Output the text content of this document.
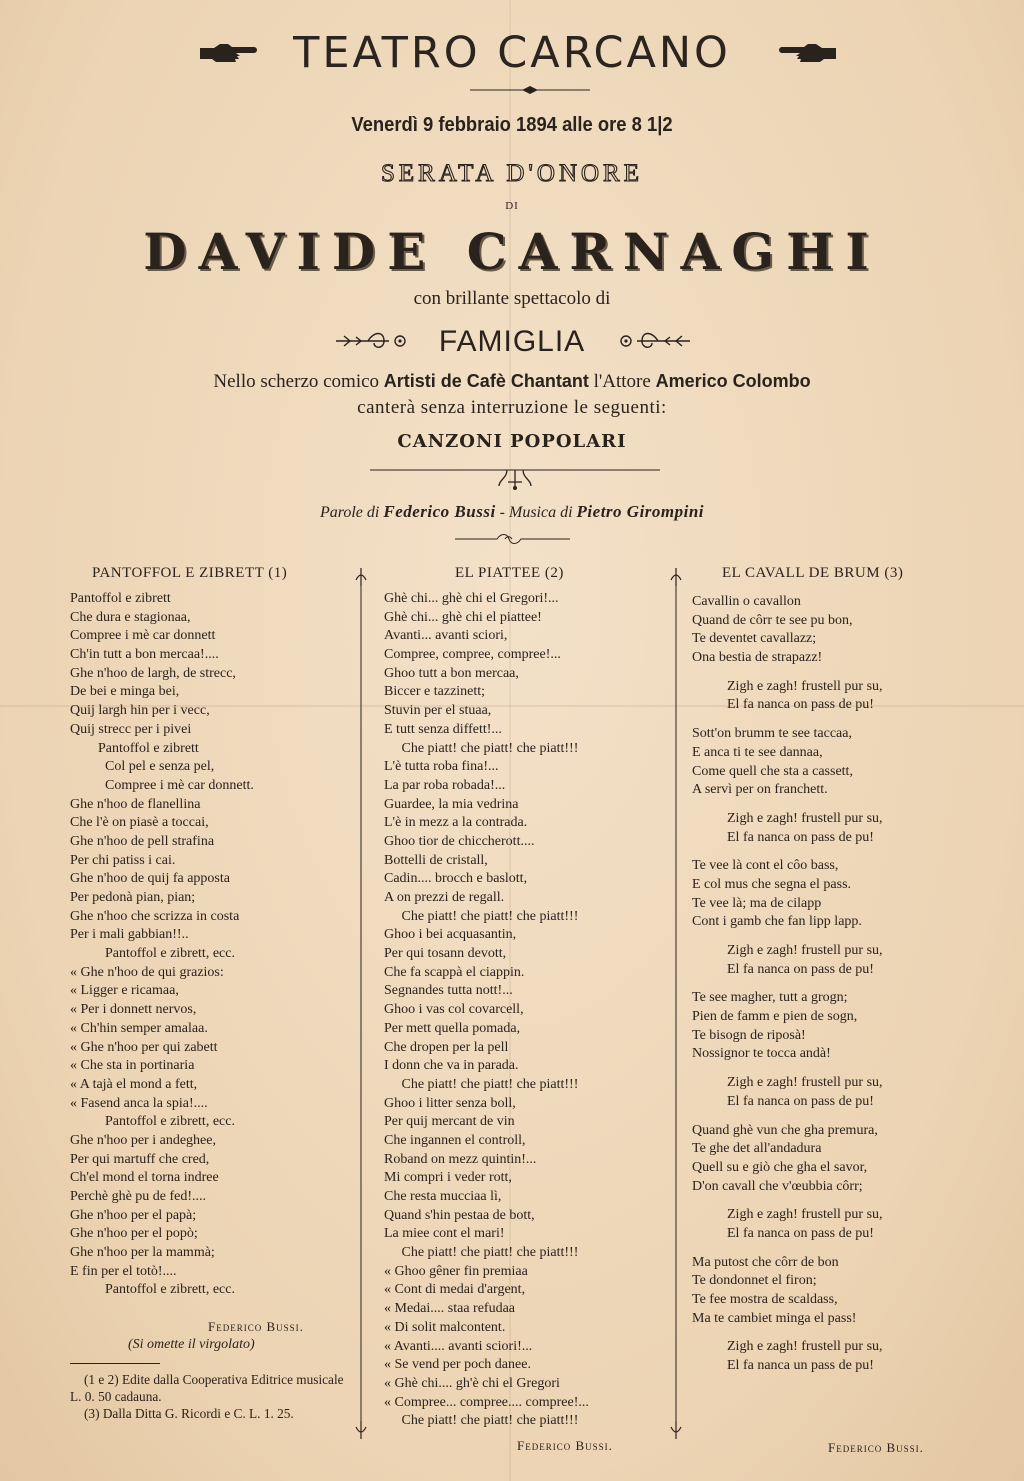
TEATRO CARCANO
Venerdì 9 febbraio 1894 alle ore 8 1|2
SERATA D'ONORE
DI
DAVIDE CARNAGHI
con brillante spettacolo di
FAMIGLIA
Nello scherzo comico Artisti de Cafè Chantant l'Attore Americo Colombo
canterà senza interruzione le seguenti:
CANZONI POPOLARI
Parole di Federico Bussi - Musica di Pietro Girompini
PANTOFFOL E ZIBRETT (1)	EL PIATTEE (2)	EL CAVALL DE BRUM (3)
Pantoffol e zibrett
Che dura e stagionaa,
Compree i mè car donnett
Ch'in tutt a bon mercaa!....
Ghe n'hoo de largh, de strecc,
De bei e minga bei,
Quij largh hin per i vecc,
Quij strecc per i pivei
Pantoffol e zibrett
Col pel e senza pel,
Compree i mè car donnett.
Ghe n'hoo de flanellina
Che l'è on piasè a toccai,
Ghe n'hoo de pell strafina
Per chi patiss i cai.
Ghe n'hoo de quij fa apposta
Per pedonà pian, pian;
Ghe n'hoo che scrizza in costa
Per i mali gabbian!!..
Pantoffol e zibrett, ecc.
« Ghe n'hoo de qui grazios:
« Ligger e ricamaa,
« Per i donnett nervos,
« Ch'hin semper amalaa.
« Ghe n'hoo per qui zabett
« Che sta in portinaria
« A tajà el mond a fett,
« Fasend anca la spia!....
Pantoffol e zibrett, ecc.
Ghe n'hoo per i andeghee,
Per qui martuff che cred,
Ch'el mond el torna indree
Perchè ghè pu de fed!....
Ghe n'hoo per el papà;
Ghe n'hoo per el popò;
Ghe n'hoo per la mammà;
E fin per el totò!....
Pantoffol e zibrett, ecc.
Ghè chi... ghè chi el Gregori!...
Ghè chi... ghè chi el piattee!
Avanti... avanti sciori,
Compree, compree, compree!...
Ghoo tutt a bon mercaa,
Biccer e tazzinett;
Stuvin per el stuaa,
E tutt senza diffett!...
Che piatt! che piatt! che piatt!!!
L'è tutta roba fina!...
La par roba robada!...
Guardee, la mia vedrina
L'è in mezz a la contrada.
Ghoo tior de chiccherott....
Bottelli de cristall,
Cadin.... brocch e baslott,
A on prezzi de regall.
Che piatt! che piatt! che piatt!!!
Ghoo i bei acquasantin,
Per qui tosann devott,
Che fa scappà el ciappin.
Segnandes tutta nott!...
Ghoo i vas col covarcell,
Per mett quella pomada,
Che dropen per la pell
I donn che va in parada.
Che piatt! che piatt! che piatt!!!
Ghoo i litter senza boll,
Per quij mercant de vin
Che ingannen el controll,
Roband on mezz quintin!...
Mi compri i veder rott,
Che resta mucciaa lì,
Quand s'hin pestaa de bott,
La miee cont el mari!
Che piatt! che piatt! che piatt!!!
« Ghoo gêner fin premiaa
« Cont di medai d'argent,
« Medai.... staa refudaa
« Di solit malcontent.
« Avanti.... avanti sciori!...
« Se vend per poch danee.
« Ghè chi.... gh'è chi el Gregori
« Compree... compree.... compree!...
Che piatt! che piatt! che piatt!!!
Cavallin o cavallon
Quand de côrr te see pu bon,
Te deventet cavallazz;
Ona bestia de strapazz!
Zigh e zagh! frustell pur su,
El fa nanca on pass de pu!
Sott'on brumm te see taccaa,
E anca ti te see dannaa,
Come quell che sta a cassett,
A servì per on franchett.
Zigh e zagh! frustell pur su,
El fa nanca on pass de pu!
Te vee là cont el côo bass,
E col mus che segna el pass.
Te vee là; ma de cilapp
Cont i gamb che fan lipp lapp.
Zigh e zagh! frustell pur su,
El fa nanca on pass de pu!
Te see magher, tutt a grogn;
Pien de famm e pien de sogn,
Te bisogn de riposà!
Nossignor te tocca andà!
Zigh e zagh! frustell pur su,
El fa nanca on pass de pu!
Quand ghè vun che gha premura,
Te ghe det all'andadura
Quell su e giò che gha el savor,
D'on cavall che v'œubbia côrr;
Zigh e zagh! frustell pur su,
El fa nanca on pass de pu!
Ma putost che côrr de bon
Te dondonnet el firon;
Te fee mostra de scaldass,
Ma te cambiet minga el pass!
Zigh e zagh! frustell pur su,
El fa nanca un pass de pu!
Federico Bussi.
(Si omette il virgolato)
Federico Bussi.	Federico Bussi.
(1 e 2) Edite dalla Cooperativa Editrice musicale L. 0. 50 cadauna.
(3) Dalla Ditta G. Ricordi e C. L. 1. 25.
